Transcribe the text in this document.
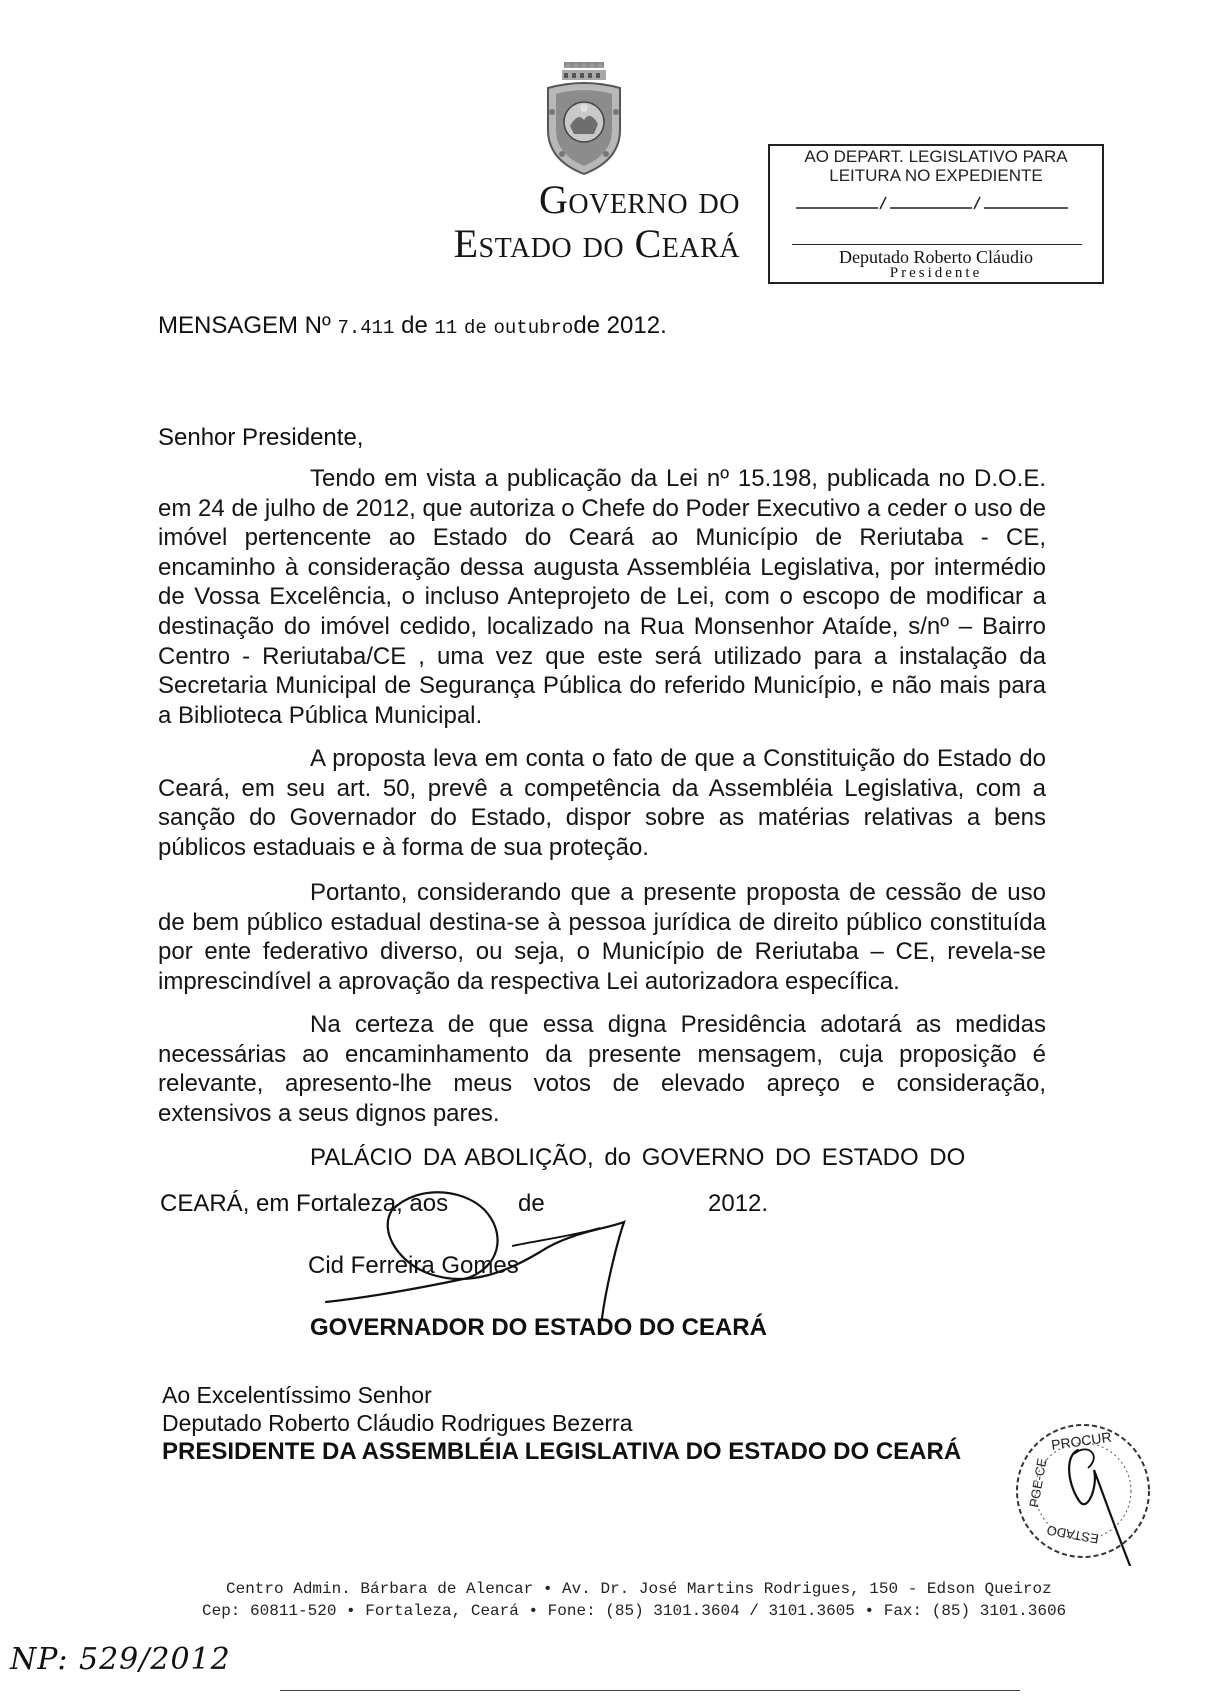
Governo do
Estado do Ceará
AO DEPART. LEGISLATIVO PARA
LEITURA NO EXPEDIENTE
Deputado Roberto Cláudio
Presidente
MENSAGEM Nº 7.411 de 11 de outubrode 2012.
Senhor Presidente,
Tendo em vista a publicação da Lei nº 15.198, publicada no D.O.E. em 24 de julho de 2012, que autoriza o Chefe do Poder Executivo a ceder o uso de imóvel pertencente ao Estado do Ceará ao Município de Reriutaba - CE, encaminho à consideração dessa augusta Assembléia Legislativa, por intermédio de Vossa Excelência, o incluso Anteprojeto de Lei, com o escopo de modificar a destinação do imóvel cedido, localizado na Rua Monsenhor Ataíde, s/nº – Bairro Centro - Reriutaba/CE , uma vez que este será utilizado para a instalação da Secretaria Municipal de Segurança Pública do referido Município, e não mais para a Biblioteca Pública Municipal.
A proposta leva em conta o fato de que a Constituição do Estado do Ceará, em seu art. 50, prevê a competência da Assembléia Legislativa, com a sanção do Governador do Estado, dispor sobre as matérias relativas a bens públicos estaduais e à forma de sua proteção.
Portanto, considerando que a presente proposta de cessão de uso de bem público estadual destina-se à pessoa jurídica de direito público constituída por ente federativo diverso, ou seja, o Município de Reriutaba – CE, revela-se imprescindível a aprovação da respectiva Lei autorizadora específica.
Na certeza de que essa digna Presidência adotará as medidas necessárias ao encaminhamento da presente mensagem, cuja proposição é relevante, apresento-lhe meus votos de elevado apreço e consideração, extensivos a seus dignos pares.
PALÁCIO DA ABOLIÇÃO, do GOVERNO DO ESTADO DO
CEARÁ, em Fortaleza, aos	de	2012.
Cid Ferreira Gomes
GOVERNADOR DO ESTADO DO CEARÁ
Ao Excelentíssimo Senhor
Deputado Roberto Cláudio Rodrigues Bezerra
PRESIDENTE DA ASSEMBLÉIA LEGISLATIVA DO ESTADO DO CEARÁ	PROCUR
PGE-CE
ESTADO
Centro Admin. Bárbara de Alencar • Av. Dr. José Martins Rodrigues, 150 - Edson Queiroz
Cep: 60811-520 • Fortaleza, Ceará • Fone: (85) 3101.3604 / 3101.3605 • Fax: (85) 3101.3606
NP: 529/2012
